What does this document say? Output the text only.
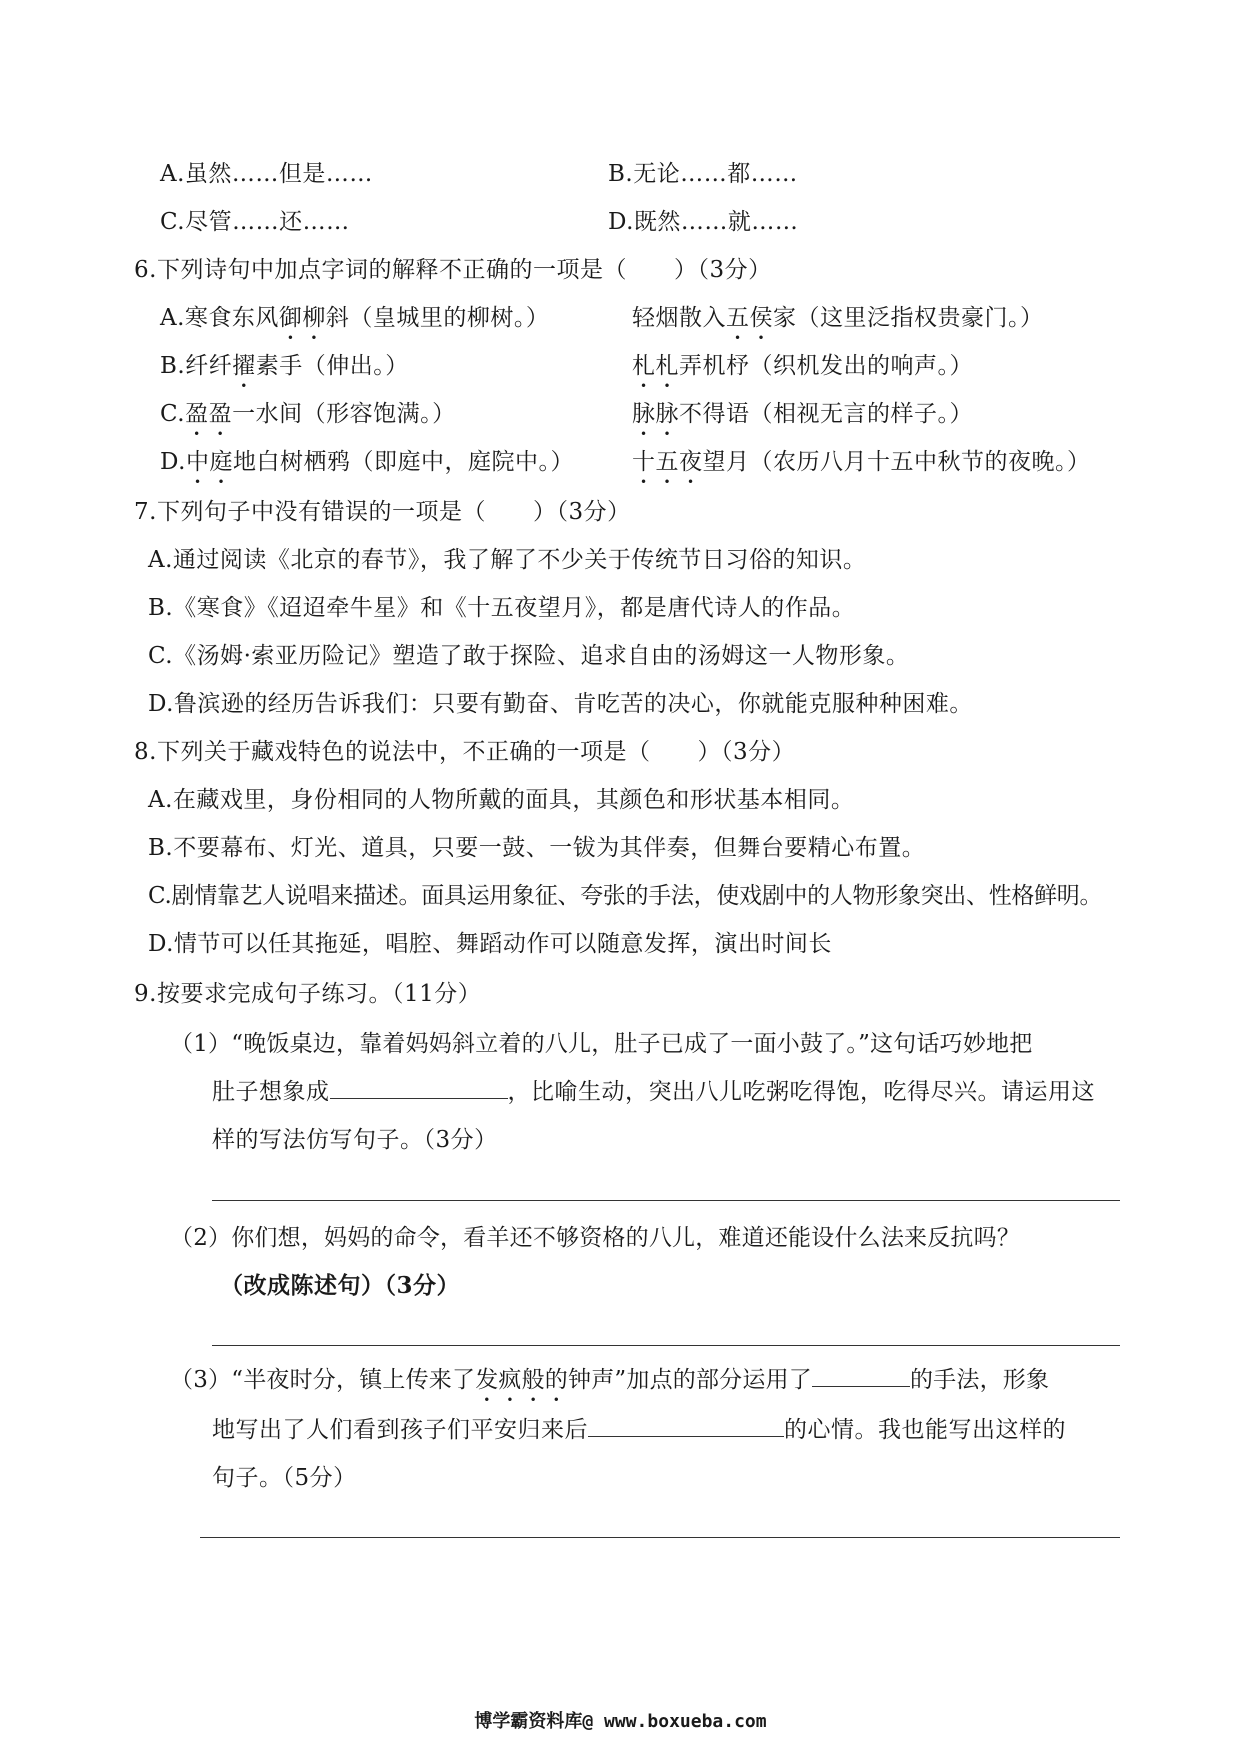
A.虽然……但是……	B.无论……都……
C.尽管……还……	D.既然……就……
6.下列诗句中加点字词的解释不正确的一项是（　　）（3分）
A.寒食东风御柳斜（皇城里的柳树。）	轻烟散入五侯家（这里泛指权贵豪门。）
B.纤纤擢素手（伸出。）	札札弄机杼（织机发出的响声。）
C.盈盈一水间（形容饱满。）	脉脉不得语（相视无言的样子。）
D.中庭地白树栖鸦（即庭中，庭院中。）	十五夜望月（农历八月十五中秋节的夜晚。）
7.下列句子中没有错误的一项是（　　）（3分）
A.通过阅读《北京的春节》，我了解了不少关于传统节日习俗的知识。
B.《寒食》《迢迢牵牛星》和《十五夜望月》，都是唐代诗人的作品。
C.《汤姆·索亚历险记》塑造了敢于探险、追求自由的汤姆这一人物形象。
D.鲁滨逊的经历告诉我们：只要有勤奋、肯吃苦的决心，你就能克服种种困难。
8.下列关于藏戏特色的说法中，不正确的一项是（　　）（3分）
A.在藏戏里，身份相同的人物所戴的面具，其颜色和形状基本相同。
B.不要幕布、灯光、道具，只要一鼓、一钹为其伴奏，但舞台要精心布置。
C.剧情靠艺人说唱来描述。面具运用象征、夸张的手法，使戏剧中的人物形象突出、性格鲜明。
D.情节可以任其拖延，唱腔、舞蹈动作可以随意发挥，演出时间长
9.按要求完成句子练习。（11分）
（1）“晚饭桌边，靠着妈妈斜立着的八儿，肚子已成了一面小鼓了。”这句话巧妙地把
肚子想象成	，比喻生动，突出八儿吃粥吃得饱，吃得尽兴。请运用这
样的写法仿写句子。（3分）
（2）你们想，妈妈的命令，看羊还不够资格的八儿，难道还能设什么法来反抗吗？
（改成陈述句）（3分）
（3）“半夜时分，镇上传来了发疯般的钟声”加点的部分运用了	的手法，形象
地写出了人们看到孩子们平安归来后	的心情。我也能写出这样的
句子。（5分）
博学霸资料库@ www.boxueba.com
